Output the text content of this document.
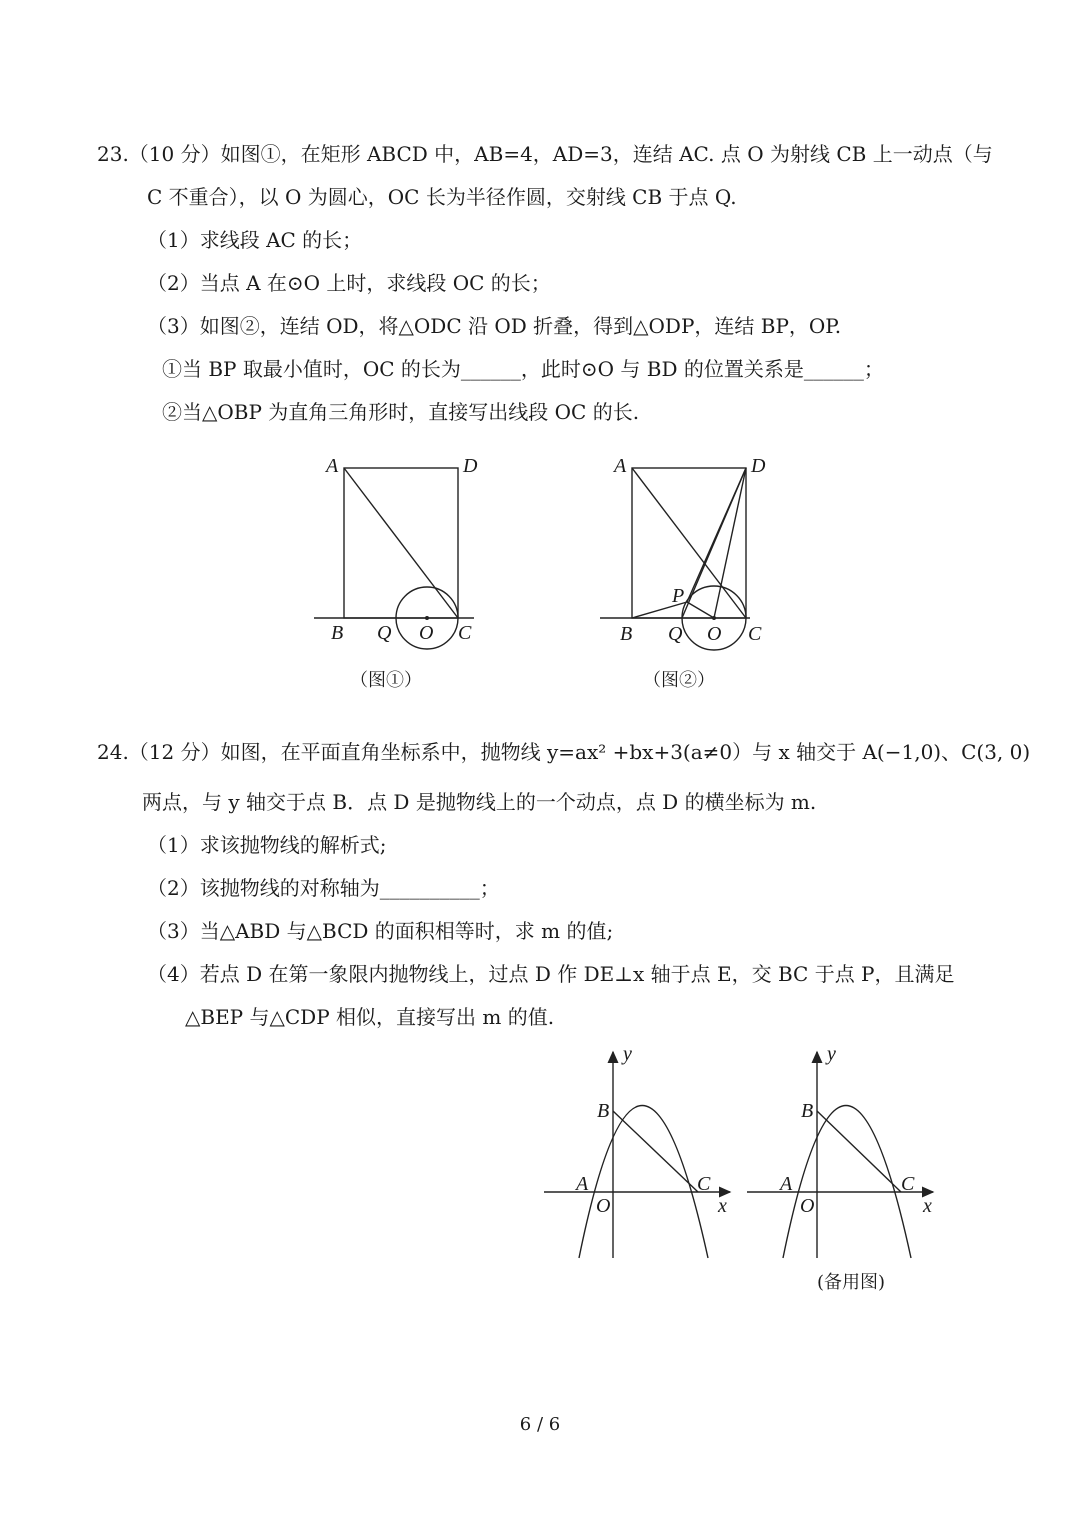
23.（10 分）如图①，在矩形 ABCD 中，AB=4，AD=3，连结 AC. 点 O 为射线 CB 上一动点（与
C 不重合），以 O 为圆心，OC 长为半径作圆，交射线 CB 于点 Q.
（1）求线段 AC 的长；
（2）当点 A 在⊙O 上时，求线段 OC 的长；
（3）如图②，连结 OD，将△ODC 沿 OD 折叠，得到△ODP，连结 BP，OP.
①当 BP 取最小值时，OC 的长为______，此时⊙O 与 BD 的位置关系是______；
②当△OBP 为直角三角形时，直接写出线段 OC 的长.
A	D
B Q O C
（图①）
A	D
B Q O C
P
（图②）
24.（12 分）如图，在平面直角坐标系中，抛物线 y=ax² +bx+3(a≠0）与 x 轴交于 A(−1,0)、C(3, 0)
两点，与 y 轴交于点 B．点 D 是抛物线上的一个动点，点 D 的横坐标为 m.
（1）求该抛物线的解析式;
（2）该抛物线的对称轴为__________；
（3）当△ABD 与△BCD 的面积相等时，求 m 的值;
（4）若点 D 在第一象限内抛物线上，过点 D 作 DE⊥x 轴于点 E，交 BC 于点 P，且满足
△BEP 与△CDP 相似，直接写出 m 的值.
y
B
A
O
C
x
y
B
A
O
C
x
(备用图)
6 / 6
